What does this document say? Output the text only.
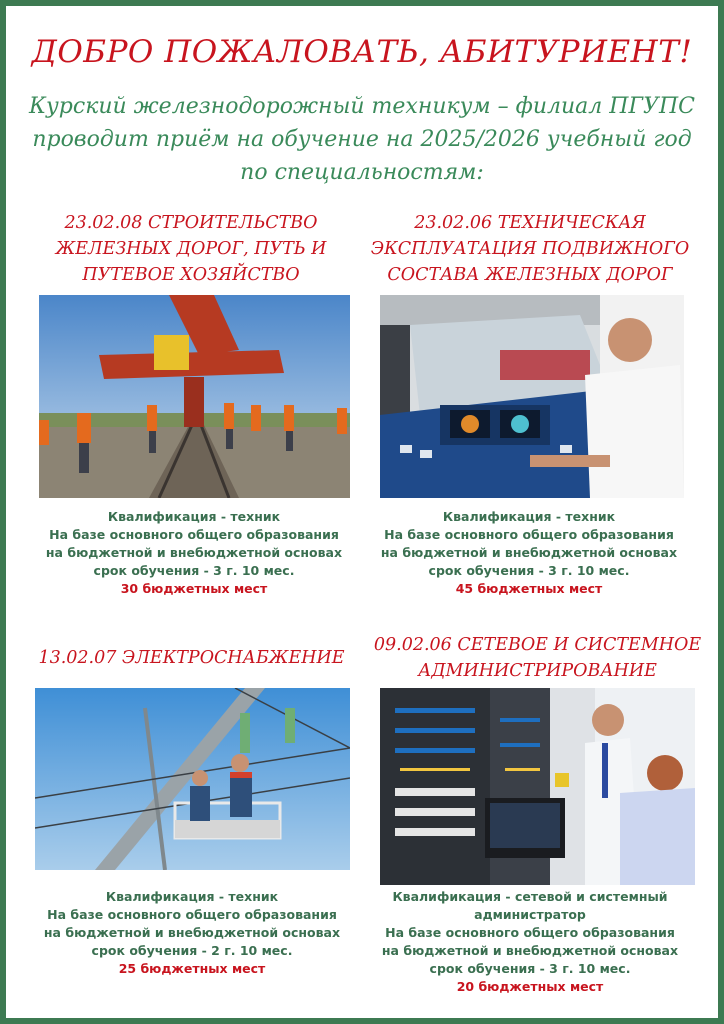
ДОБРО ПОЖАЛОВАТЬ, АБИТУРИЕНТ!
Курский железнодорожный техникум – филиал ПГУПС
проводит приём на обучение на 2025/2026 учебный год
по специальностям:
23.02.08 СТРОИТЕЛЬСТВО
ЖЕЛЕЗНЫХ ДОРОГ, ПУТЬ И
ПУТЕВОЕ ХОЗЯЙСТВО
Квалификация - техник
На базе основного общего образования
на бюджетной и внебюджетной основах
срок обучения - 3 г. 10 мес.
30 бюджетных мест
23.02.06 ТЕХНИЧЕСКАЯ
ЭКСПЛУАТАЦИЯ ПОДВИЖНОГО
СОСТАВА ЖЕЛЕЗНЫХ ДОРОГ
Квалификация - техник
На базе основного общего образования
на бюджетной и внебюджетной основах
срок обучения - 3 г. 10 мес.
45 бюджетных мест
13.02.07 ЭЛЕКТРОСНАБЖЕНИЕ
Квалификация - техник
На базе основного общего образования
на бюджетной и внебюджетной основах
срок обучения - 2 г. 10 мес.
25 бюджетных мест
09.02.06 СЕТЕВОЕ И СИСТЕМНОЕ
АДМИНИСТРИРОВАНИЕ
Квалификация - сетевой и системный
администратор
На базе основного общего образования
на бюджетной и внебюджетной основах
срок обучения - 3 г. 10 мес.
20 бюджетных мест
